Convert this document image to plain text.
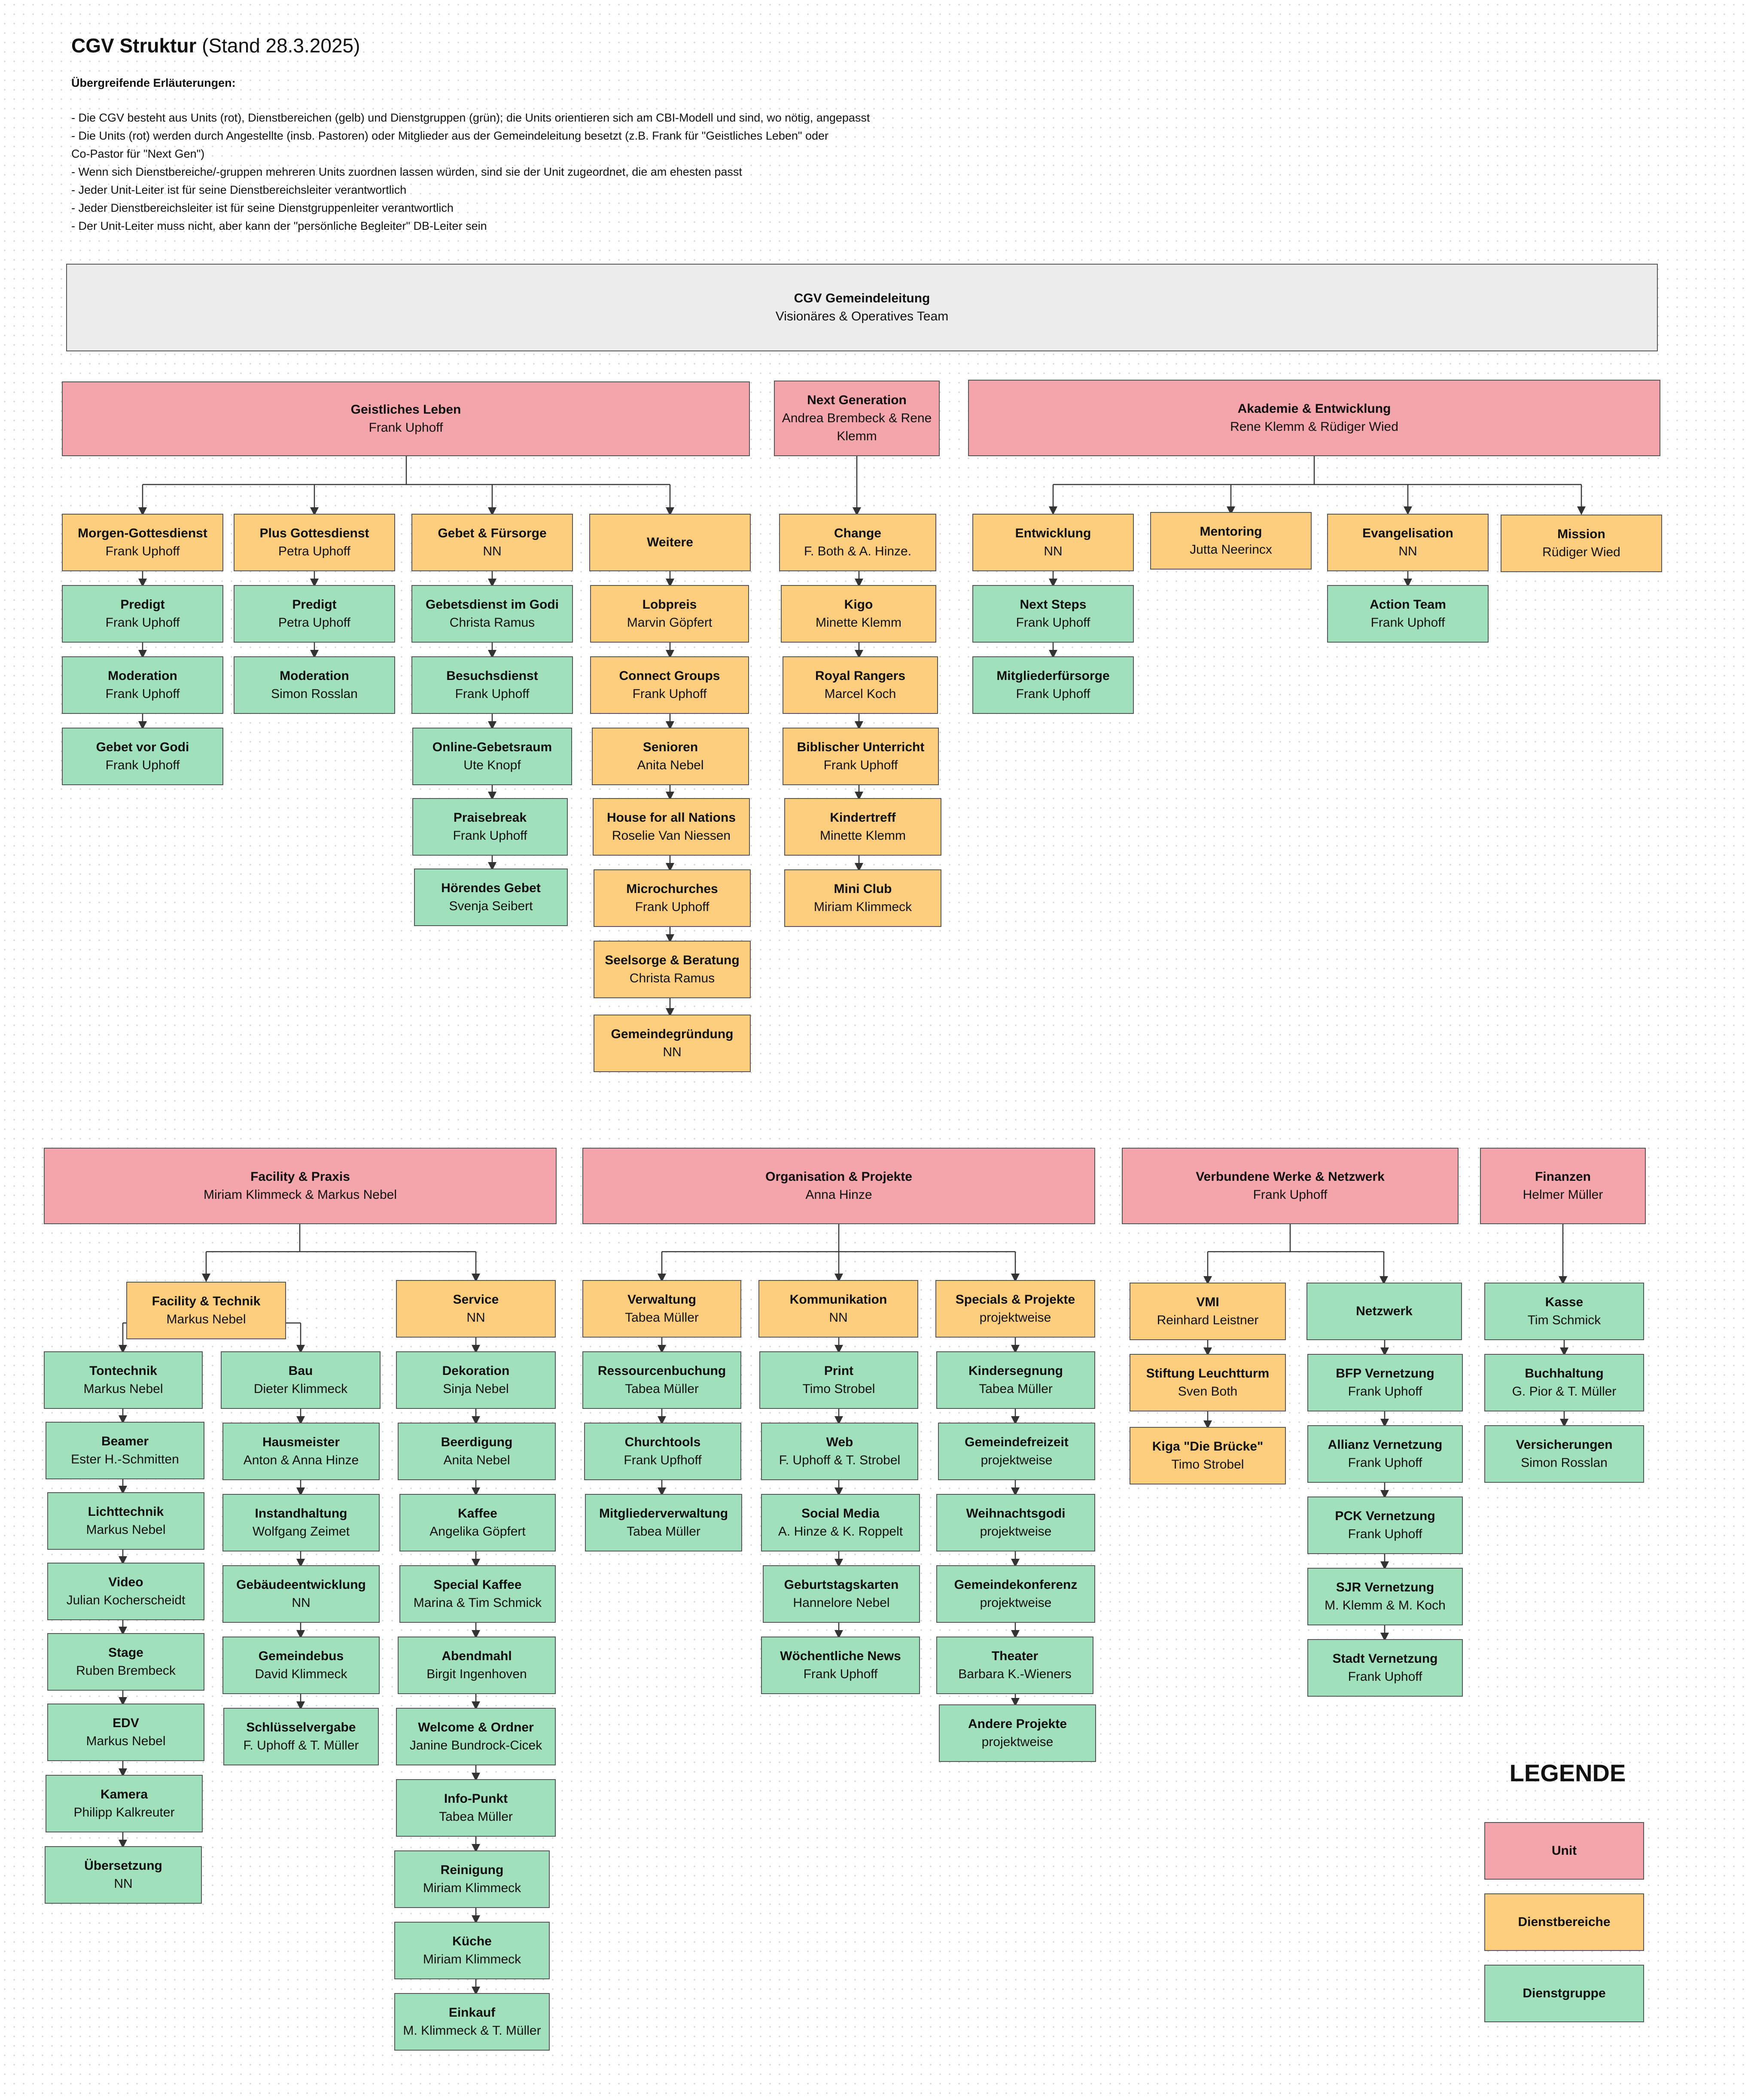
CGV Struktur (Stand 28.3.2025)
Übergreifende Erläuterungen:
- Die CGV besteht aus Units (rot), Dienstbereichen (gelb) und Dienstgruppen (grün); die Units orientieren sich am CBI-Modell und sind, wo nötig, angepasst
- Die Units (rot) werden durch Angestellte (insb. Pastoren) oder Mitglieder aus der Gemeindeleitung besetzt (z.B. Frank für "Geistliches Leben" oder
Co-Pastor für "Next Gen")
- Wenn sich Dienstbereiche/-gruppen mehreren Units zuordnen lassen würden, sind sie der Unit zugeordnet, die am ehesten passt
- Jeder Unit-Leiter ist für seine Dienstbereichsleiter verantwortlich
- Jeder Dienstbereichsleiter ist für seine Dienstgruppenleiter verantwortlich
- Der Unit-Leiter muss nicht, aber kann der "persönliche Begleiter" DB-Leiter sein
CGV Gemeindeleitung
Visionäres & Operatives Team
Geistliches Leben
Frank Uphoff
Next Generation
Andrea Brembeck & Rene
Klemm
Akademie & Entwicklung
Rene Klemm & Rüdiger Wied
Facility & Praxis
Miriam Klimmeck & Markus Nebel
Organisation & Projekte
Anna Hinze
Verbundene Werke & Netzwerk
Frank Uphoff
Finanzen
Helmer Müller
Morgen-Gottesdienst
Frank Uphoff
Plus Gottesdienst
Petra Uphoff
Gebet & Fürsorge
NN
Weitere
Lobpreis
Marvin Göpfert
Connect Groups
Frank Uphoff
Senioren
Anita Nebel
House for all Nations
Roselie Van Niessen
Microchurches
Frank Uphoff
Seelsorge & Beratung
Christa Ramus
Gemeindegründung
NN
Predigt
Frank Uphoff
Moderation
Frank Uphoff
Gebet vor Godi
Frank Uphoff
Predigt
Petra Uphoff
Moderation
Simon Rosslan
Gebetsdienst im Godi
Christa Ramus
Besuchsdienst
Frank Uphoff
Online-Gebetsraum
Ute Knopf
Praisebreak
Frank Uphoff
Hörendes Gebet
Svenja Seibert
Change
F. Both & A. Hinze.
Kigo
Minette Klemm
Royal Rangers
Marcel Koch
Biblischer Unterricht
Frank Uphoff
Kindertreff
Minette Klemm
Mini Club
Miriam Klimmeck
Entwicklung
NN
Mentoring
Jutta Neerincx
Evangelisation
NN
Mission
Rüdiger Wied
Next Steps
Frank Uphoff
Mitgliederfürsorge
Frank Uphoff
Action Team
Frank Uphoff
Facility & Technik
Markus Nebel
Service
NN
Tontechnik
Markus Nebel
Beamer
Ester H.-Schmitten
Lichttechnik
Markus Nebel
Video
Julian Kocherscheidt
Stage
Ruben Brembeck
EDV
Markus Nebel
Kamera
Philipp Kalkreuter
Übersetzung
NN
Bau
Dieter Klimmeck
Hausmeister
Anton & Anna Hinze
Instandhaltung
Wolfgang Zeimet
Gebäudeentwicklung
NN
Gemeindebus
David Klimmeck
Schlüsselvergabe
F. Uphoff & T. Müller
Dekoration
Sinja Nebel
Beerdigung
Anita Nebel
Kaffee
Angelika Göpfert
Special Kaffee
Marina & Tim Schmick
Abendmahl
Birgit Ingenhoven
Welcome & Ordner
Janine Bundrock-Cicek
Info-Punkt
Tabea Müller
Reinigung
Miriam Klimmeck
Küche
Miriam Klimmeck
Einkauf
M. Klimmeck & T. Müller
Verwaltung
Tabea Müller
Kommunikation
NN
Specials & Projekte
projektweise
Ressourcenbuchung
Tabea Müller
Churchtools
Frank Upfhoff
Mitgliederverwaltung
Tabea Müller
Print
Timo Strobel
Web
F. Uphoff & T. Strobel
Social Media
A. Hinze & K. Roppelt
Geburtstagskarten
Hannelore Nebel
Wöchentliche News
Frank Uphoff
Kindersegnung
Tabea Müller
Gemeindefreizeit
projektweise
Weihnachtsgodi
projektweise
Gemeindekonferenz
projektweise
Theater
Barbara K.-Wieners
Andere Projekte
projektweise
VMI
Reinhard Leistner
Stiftung Leuchtturm
Sven Both
Kiga "Die Brücke"
Timo Strobel
Netzwerk
BFP Vernetzung
Frank Uphoff
Allianz Vernetzung
Frank Uphoff
PCK Vernetzung
Frank Uphoff
SJR Vernetzung
M. Klemm & M. Koch
Stadt Vernetzung
Frank Uphoff
Kasse
Tim Schmick
Buchhaltung
G. Pior & T. Müller
Versicherungen
Simon Rosslan
LEGENDE
Unit
Dienstbereiche
Dienstgruppe
